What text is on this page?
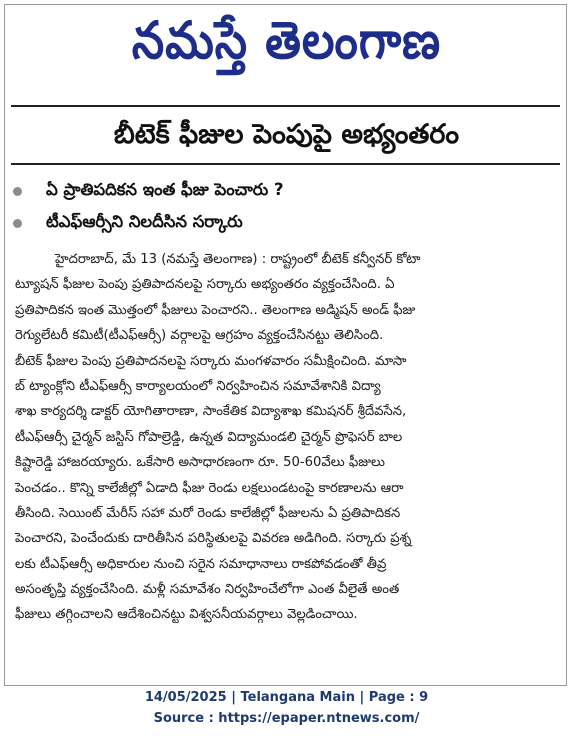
నమస్తే తెలంగాణ
బీటెక్ ఫీజుల పెంపుపై అభ్యంతరం
ఏ ప్రాతిపదికన ఇంత ఫీజు పెంచారు ?
టీఎఫ్ఆర్సీని నిలదీసిన సర్కారు
హైదరాబాద్, మే 13 (నమస్తే తెలంగాణ) : రాష్ట్రంలో బీటెక్ కన్వీనర్ కోటా
ట్యూషన్ ఫీజుల పెంపు ప్రతిపాదనలపై సర్కారు అభ్యంతరం వ్యక్తంచేసింది. ఏ
ప్రతిపాదికన ఇంత మొత్తంలో ఫీజులు పెంచారని.. తెలంగాణ అడ్మిషన్ అండ్ ఫీజు
రెగ్యులేటరీ కమిటీ(టీఎఫ్ఆర్సీ) వర్గాలపై ఆగ్రహం వ్యక్తంచేసినట్టు తెలిసింది.
బీటెక్ ఫీజుల పెంపు ప్రతిపాదనలపై సర్కారు మంగళవారం సమీక్షించింది. మాసా
బ్ ట్యాంక్లోని టీఎఫ్ఆర్సీ కార్యాలయంలో నిర్వహించిన సమావేశానికి విద్యా
శాఖ కార్యదర్శి డాక్టర్ యోగితారాణా, సాంకేతిక విద్యాశాఖ కమిషనర్ శ్రీదేవసేన,
టీఎఫ్ఆర్సీ చైర్మన్ జస్టిస్ గోపాల్రెడ్డి, ఉన్నత విద్యామండలి చైర్మన్ ప్రొఫెసర్ బాల
కిష్టారెడ్డి హాజరయ్యారు. ఒకేసారి అసాధారణంగా రూ. 50-60వేలు ఫీజులు
పెంచడం.. కొన్ని కాలేజీల్లో ఏడాది ఫీజు రెండు లక్షలుండటంపై కారణాలను ఆరా
తీసింది. సెయింట్ మేరీస్ సహా మరో రెండు కాలేజీల్లో ఫీజులను ఏ ప్రతిపాదికన
పెంచారని, పెంచేందుకు దారితీసిన పరిస్థితులపై వివరణ అడిగింది. సర్కారు ప్రశ్న
లకు టీఎఫ్ఆర్సీ అధికారుల నుంచి సరైన సమాధానాలు రాకపోవడంతో తీవ్ర
అసంతృప్తి వ్యక్తంచేసింది. మళ్లీ సమావేశం నిర్వహించేలోగా ఎంత వీలైతే అంత
ఫీజులు తగ్గించాలని ఆదేశించినట్టు విశ్వసనీయవర్గాలు వెల్లడించాయి.
14/05/2025 | Telangana Main | Page : 9
Source : https://epaper.ntnews.com/
